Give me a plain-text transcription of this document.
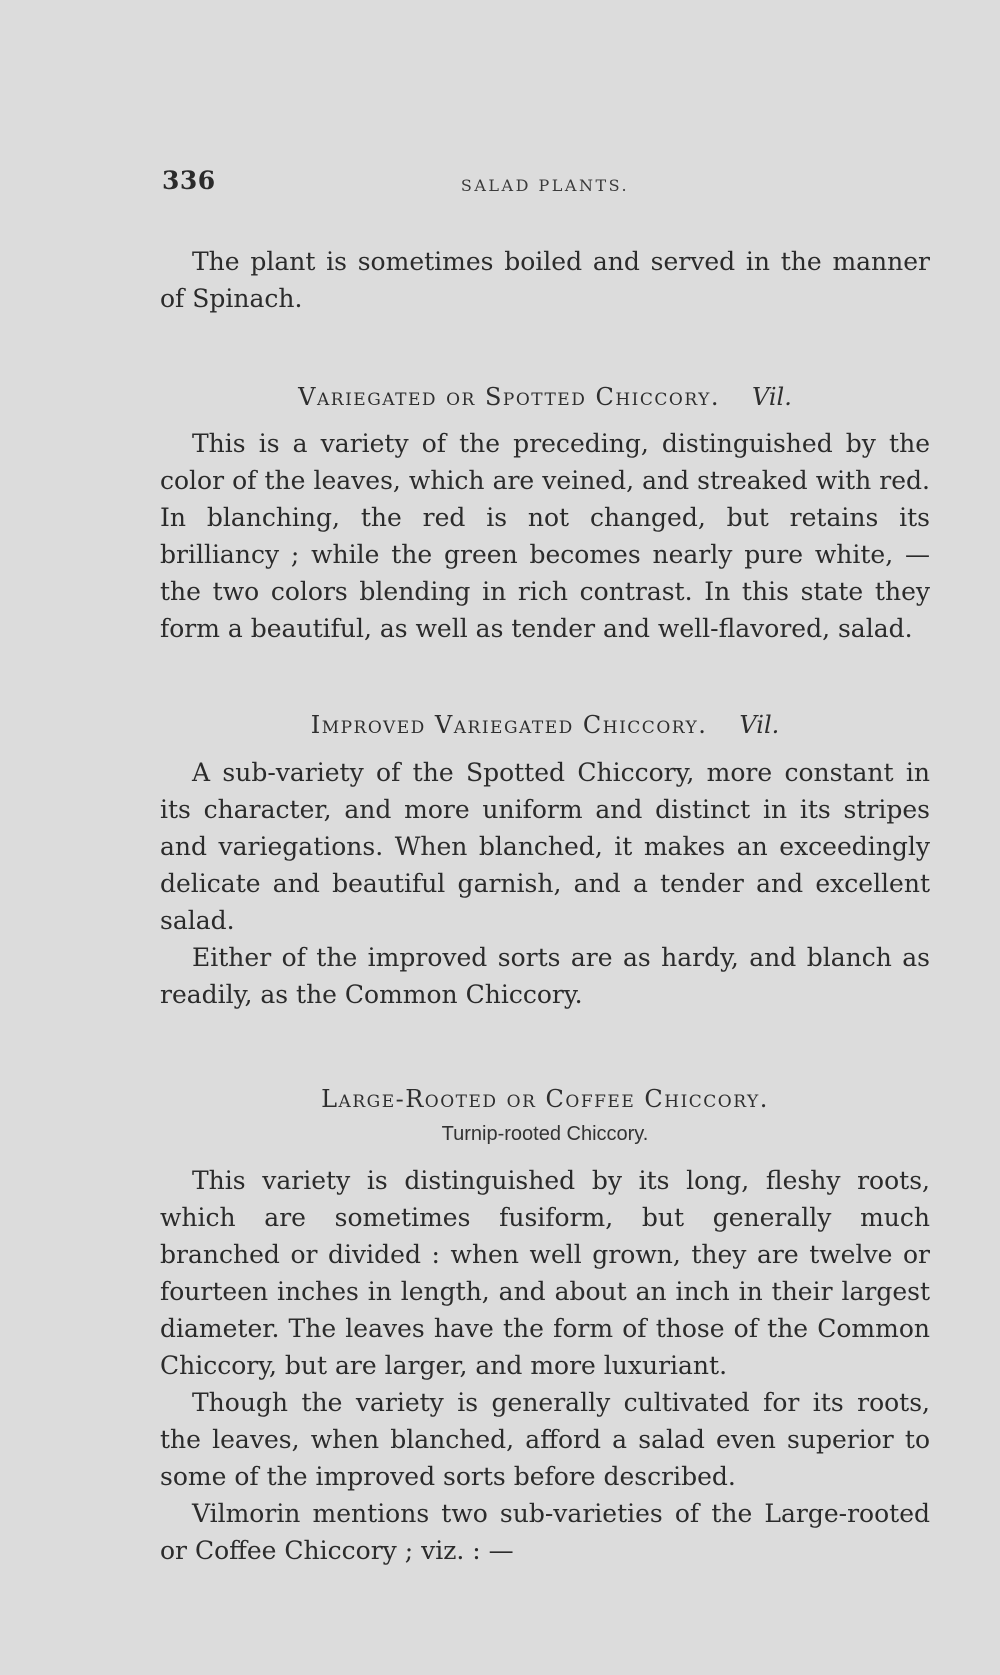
336	SALAD PLANTS.

The plant is sometimes boiled and served in the manner of Spinach.

Variegated or Spotted Chiccory. Vil.

This is a variety of the preceding, distinguished by the color of the leaves, which are veined, and streaked with red. In blanching, the red is not changed, but retains its brilliancy ; while the green becomes nearly pure white, — the two colors blending in rich contrast. In this state they form a beautiful, as well as tender and well-flavored, salad.

Improved Variegated Chiccory. Vil.

A sub-variety of the Spotted Chiccory, more constant in its character, and more uniform and distinct in its stripes and variegations. When blanched, it makes an exceedingly delicate and beautiful garnish, and a tender and excellent salad.

Either of the improved sorts are as hardy, and blanch as readily, as the Common Chiccory.

Large-Rooted or Coffee Chiccory.
Turnip-rooted Chiccory.

This variety is distinguished by its long, fleshy roots, which are sometimes fusiform, but generally much branched or divided : when well grown, they are twelve or fourteen inches in length, and about an inch in their largest diameter. The leaves have the form of those of the Common Chiccory, but are larger, and more luxuriant.

Though the variety is generally cultivated for its roots, the leaves, when blanched, afford a salad even superior to some of the improved sorts before described.

Vilmorin mentions two sub-varieties of the Large-rooted or Coffee Chiccory ; viz. : —
